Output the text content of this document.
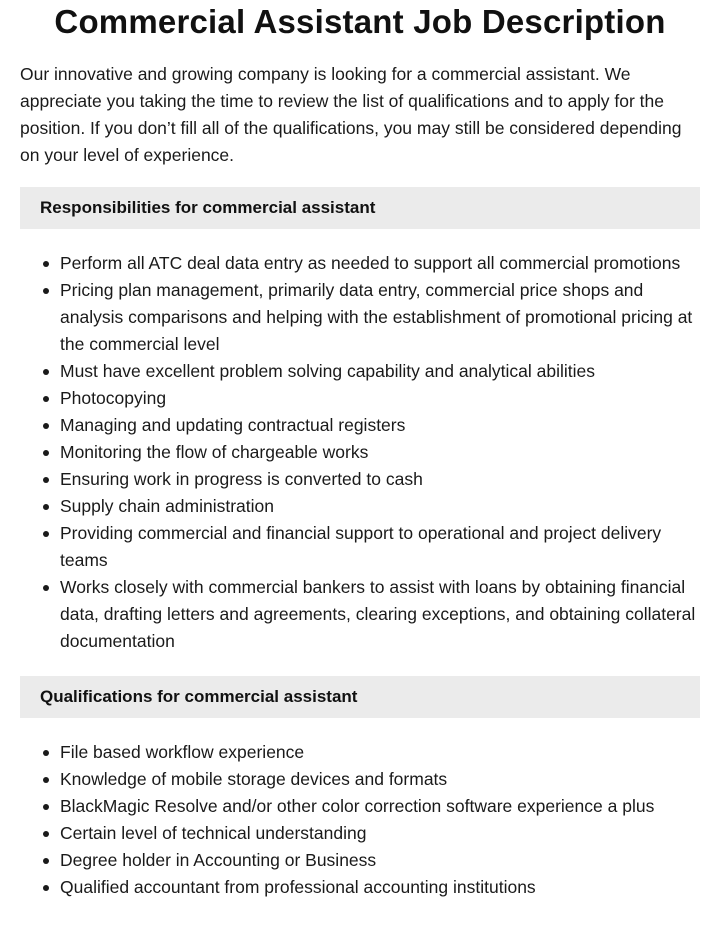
Commercial Assistant Job Description

Our innovative and growing company is looking for a commercial assistant. We appreciate you taking the time to review the list of qualifications and to apply for the position. If you don’t fill all of the qualifications, you may still be considered depending on your level of experience.

Responsibilities for commercial assistant
Perform all ATC deal data entry as needed to support all commercial promotions
Pricing plan management, primarily data entry, commercial price shops and analysis comparisons and helping with the establishment of promotional pricing at the commercial level
Must have excellent problem solving capability and analytical abilities
Photocopying
Managing and updating contractual registers
Monitoring the flow of chargeable works
Ensuring work in progress is converted to cash
Supply chain administration
Providing commercial and financial support to operational and project delivery teams
Works closely with commercial bankers to assist with loans by obtaining financial data, drafting letters and agreements, clearing exceptions, and obtaining collateral documentation
Qualifications for commercial assistant
File based workflow experience
Knowledge of mobile storage devices and formats
BlackMagic Resolve and/or other color correction software experience a plus
Certain level of technical understanding
Degree holder in Accounting or Business
Qualified accountant from professional accounting institutions
